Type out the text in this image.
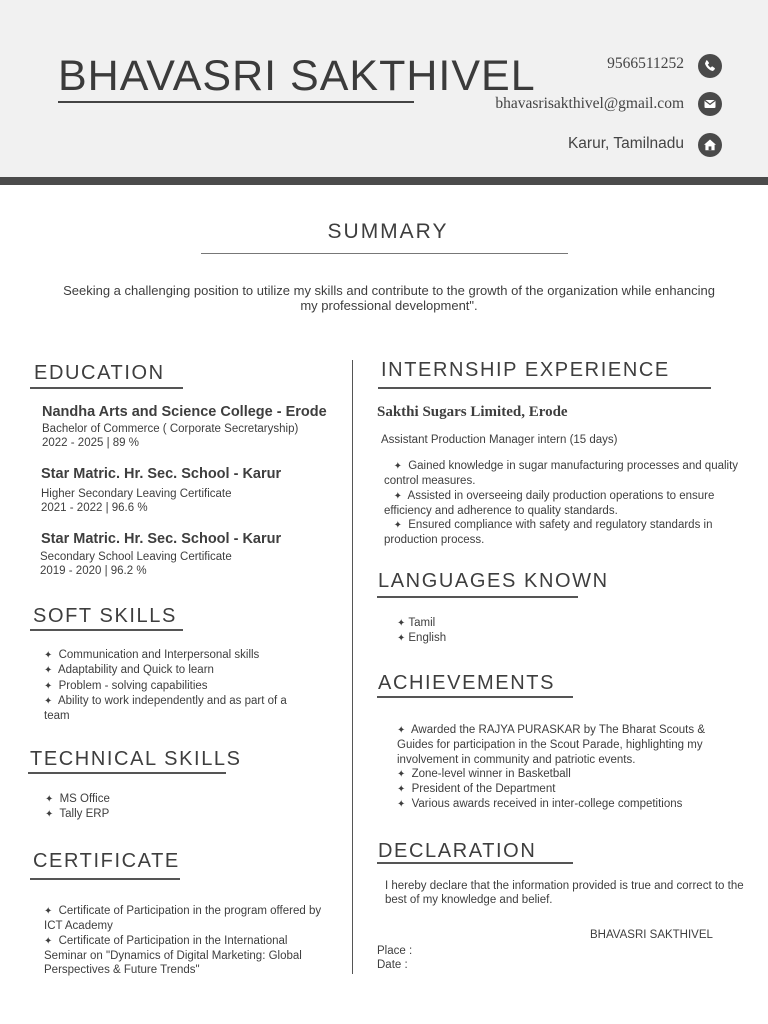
BHAVASRI SAKTHIVEL	9566511252
bhavasrisakthivel@gmail.com
Karur, Tamilnadu
SUMMARY
Seeking a challenging position to utilize my skills and contribute to the growth of the organization while enhancing my professional development".
EDUCATION
Nandha Arts and Science College - Erode
Bachelor of Commerce ( Corporate Secretaryship)
2022 - 2025 | 89 %
Star Matric. Hr. Sec. School - Karur
Higher Secondary Leaving Certificate
2021 - 2022 | 96.6 %
Star Matric. Hr. Sec. School - Karur
Secondary School Leaving Certificate
2019 - 2020 | 96.2 %
SOFT SKILLS
✦ Communication and Interpersonal skills
✦ Adaptability and Quick to learn
✦ Problem - solving capabilities
✦ Ability to work independently and as part of a team
TECHNICAL SKILLS
✦ MS Office
✦ Tally ERP
CERTIFICATE
✦ Certificate of Participation in the program offered by ICT Academy
✦ Certificate of Participation in the International Seminar on "Dynamics of Digital Marketing: Global Perspectives & Future Trends"
INTERNSHIP EXPERIENCE
Sakthi Sugars Limited, Erode
Assistant Production Manager intern (15 days)
✦ Gained knowledge in sugar manufacturing processes and quality control measures.
✦ Assisted in overseeing daily production operations to ensure efficiency and adherence to quality standards.
✦ Ensured compliance with safety and regulatory standards in production process.
LANGUAGES KNOWN
✦ Tamil
✦ English
ACHIEVEMENTS
✦ Awarded the RAJYA PURASKAR by The Bharat Scouts & Guides for participation in the Scout Parade, highlighting my involvement in community and patriotic events.
✦ Zone-level winner in Basketball
✦ President of the Department
✦ Various awards received in inter-college competitions
DECLARATION
I hereby declare that the information provided is true and correct to the best of my knowledge and belief.
BHAVASRI SAKTHIVEL
Place :
Date :
